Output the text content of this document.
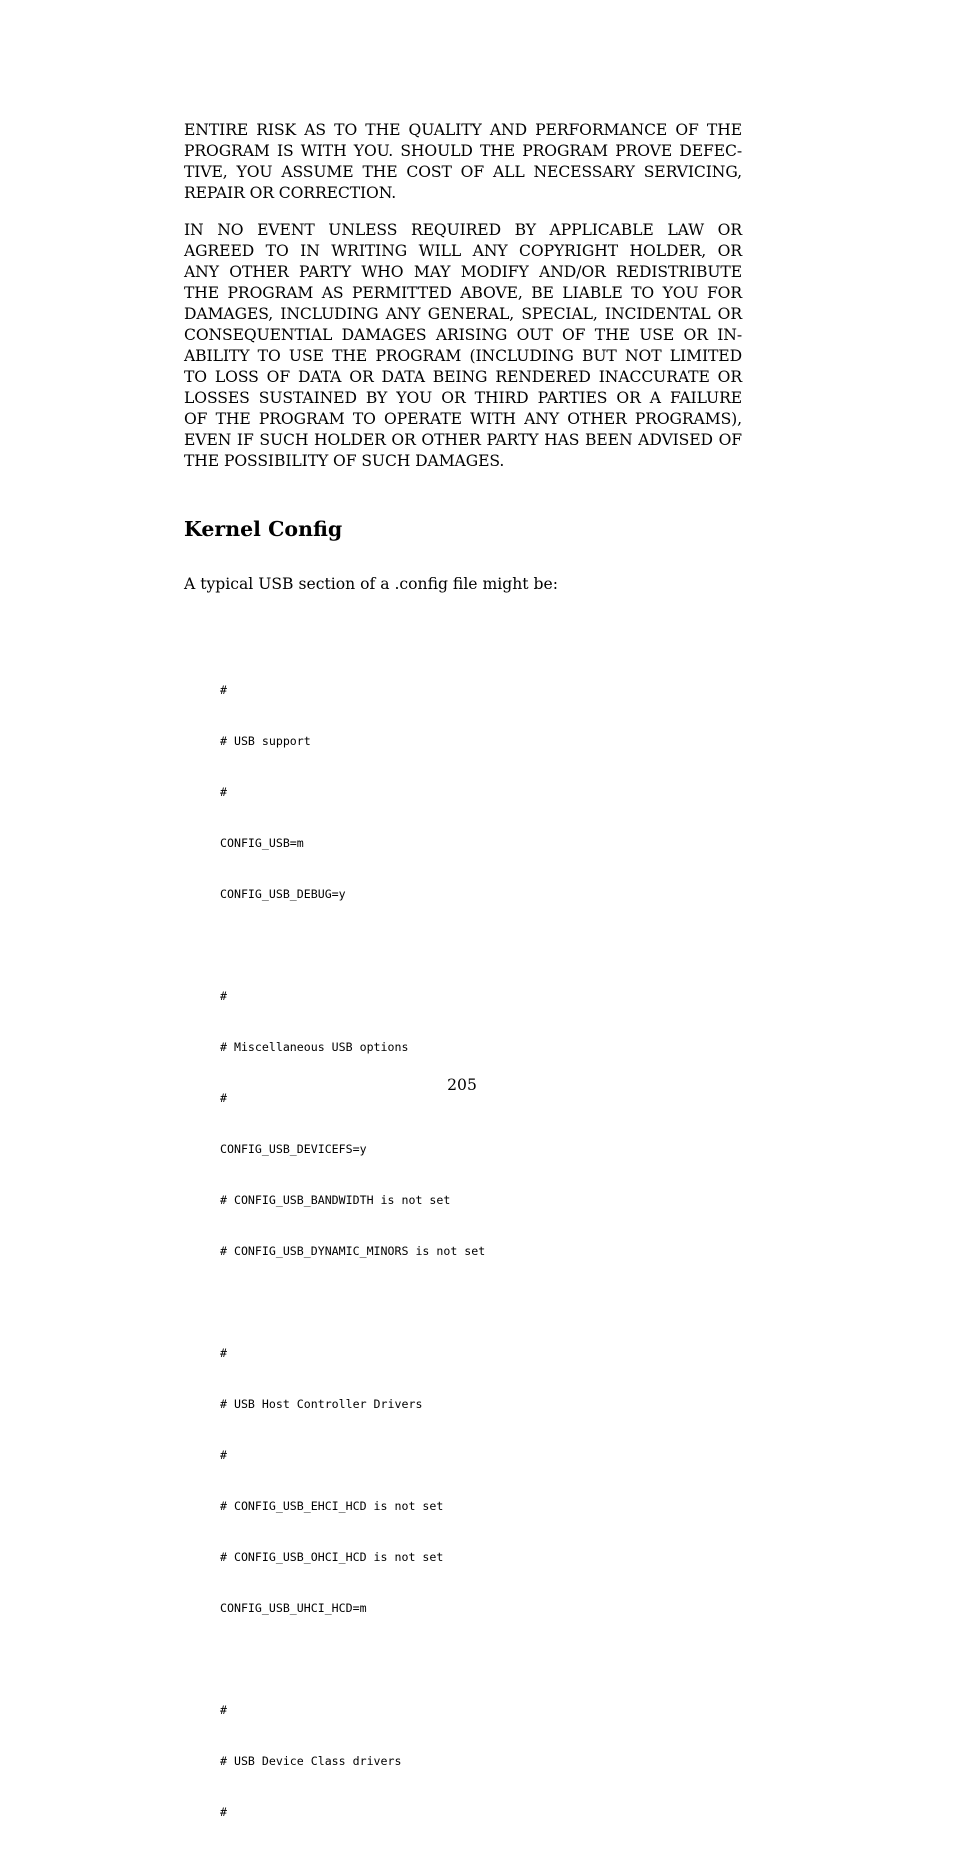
ENTIRE RISK AS TO THE QUALITY AND PERFORMANCE OF THE
PROGRAM IS WITH YOU. SHOULD THE PROGRAM PROVE DEFEC-
TIVE, YOU ASSUME THE COST OF ALL NECESSARY SERVICING,
REPAIR OR CORRECTION.
IN NO EVENT UNLESS REQUIRED BY APPLICABLE LAW OR
AGREED TO IN WRITING WILL ANY COPYRIGHT HOLDER, OR
ANY OTHER PARTY WHO MAY MODIFY AND/OR REDISTRIBUTE
THE PROGRAM AS PERMITTED ABOVE, BE LIABLE TO YOU FOR
DAMAGES, INCLUDING ANY GENERAL, SPECIAL, INCIDENTAL OR
CONSEQUENTIAL DAMAGES ARISING OUT OF THE USE OR IN-
ABILITY TO USE THE PROGRAM (INCLUDING BUT NOT LIMITED
TO LOSS OF DATA OR DATA BEING RENDERED INACCURATE OR
LOSSES SUSTAINED BY YOU OR THIRD PARTIES OR A FAILURE
OF THE PROGRAM TO OPERATE WITH ANY OTHER PROGRAMS),
EVEN IF SUCH HOLDER OR OTHER PARTY HAS BEEN ADVISED OF
THE POSSIBILITY OF SUCH DAMAGES.
Kernel Config

A typical USB section of a .config file might be:

#

# USB support

#

CONFIG_USB=m

CONFIG_USB_DEBUG=y

#

# Miscellaneous USB options

#

CONFIG_USB_DEVICEFS=y

# CONFIG_USB_BANDWIDTH is not set

# CONFIG_USB_DYNAMIC_MINORS is not set

#

# USB Host Controller Drivers

#

# CONFIG_USB_EHCI_HCD is not set

# CONFIG_USB_OHCI_HCD is not set

CONFIG_USB_UHCI_HCD=m

#

# USB Device Class drivers

#

205
